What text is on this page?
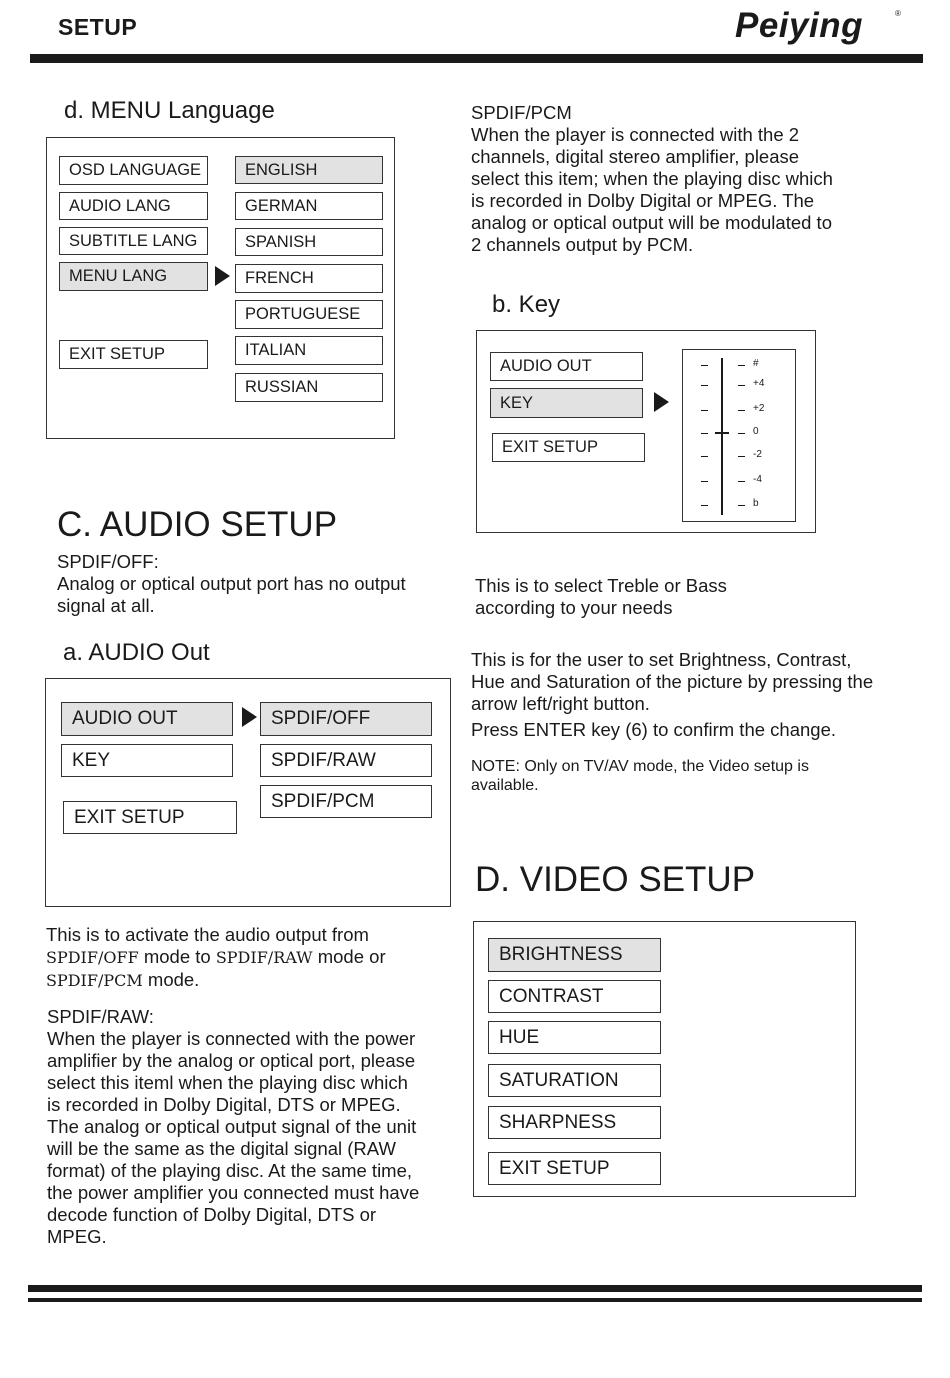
SETUP	Peiying	®
d. MENU Language
OSD LANGUAGE
AUDIO LANG
SUBTITLE LANG
MENU LANG
EXIT SETUP
ENGLISH
GERMAN
SPANISH
FRENCH
PORTUGUESE
ITALIAN
RUSSIAN
SPDIF/PCM
When the player is connected with the 2
channels, digital stereo amplifier, please
select this item; when the playing disc which
is recorded in Dolby Digital or MPEG. The
analog or optical output will be modulated to
2 channels output by PCM.
b. Key
AUDIO OUT
KEY
EXIT SETUP
#
+4
+2
0
-2
-4
b
This is to select Treble or Bass
according to your needs
C. AUDIO SETUP
SPDIF/OFF:
Analog or optical output port has no output
signal at all.
a. AUDIO Out
AUDIO OUT
KEY
EXIT SETUP
SPDIF/OFF
SPDIF/RAW
SPDIF/PCM
This is to activate the audio output from
SPDIF/OFF mode to SPDIF/RAW mode or
SPDIF/PCM mode.
SPDIF/RAW:
When the player is connected with the power
amplifier by the analog or optical port, please
select this iteml when the playing disc which
is recorded in Dolby Digital, DTS or MPEG.
The analog or optical output signal of the unit
will be the same as the digital signal (RAW
format) of the playing disc. At the same time,
the power amplifier you connected must have
decode function of Dolby Digital, DTS or
MPEG.
This is for the user to set Brightness, Contrast,
Hue and Saturation of the picture by pressing the
arrow left/right button.
Press ENTER key (6) to confirm the change.
NOTE: Only on TV/AV mode, the Video setup is
available.
D. VIDEO SETUP
BRIGHTNESS
CONTRAST
HUE
SATURATION
SHARPNESS
EXIT SETUP
